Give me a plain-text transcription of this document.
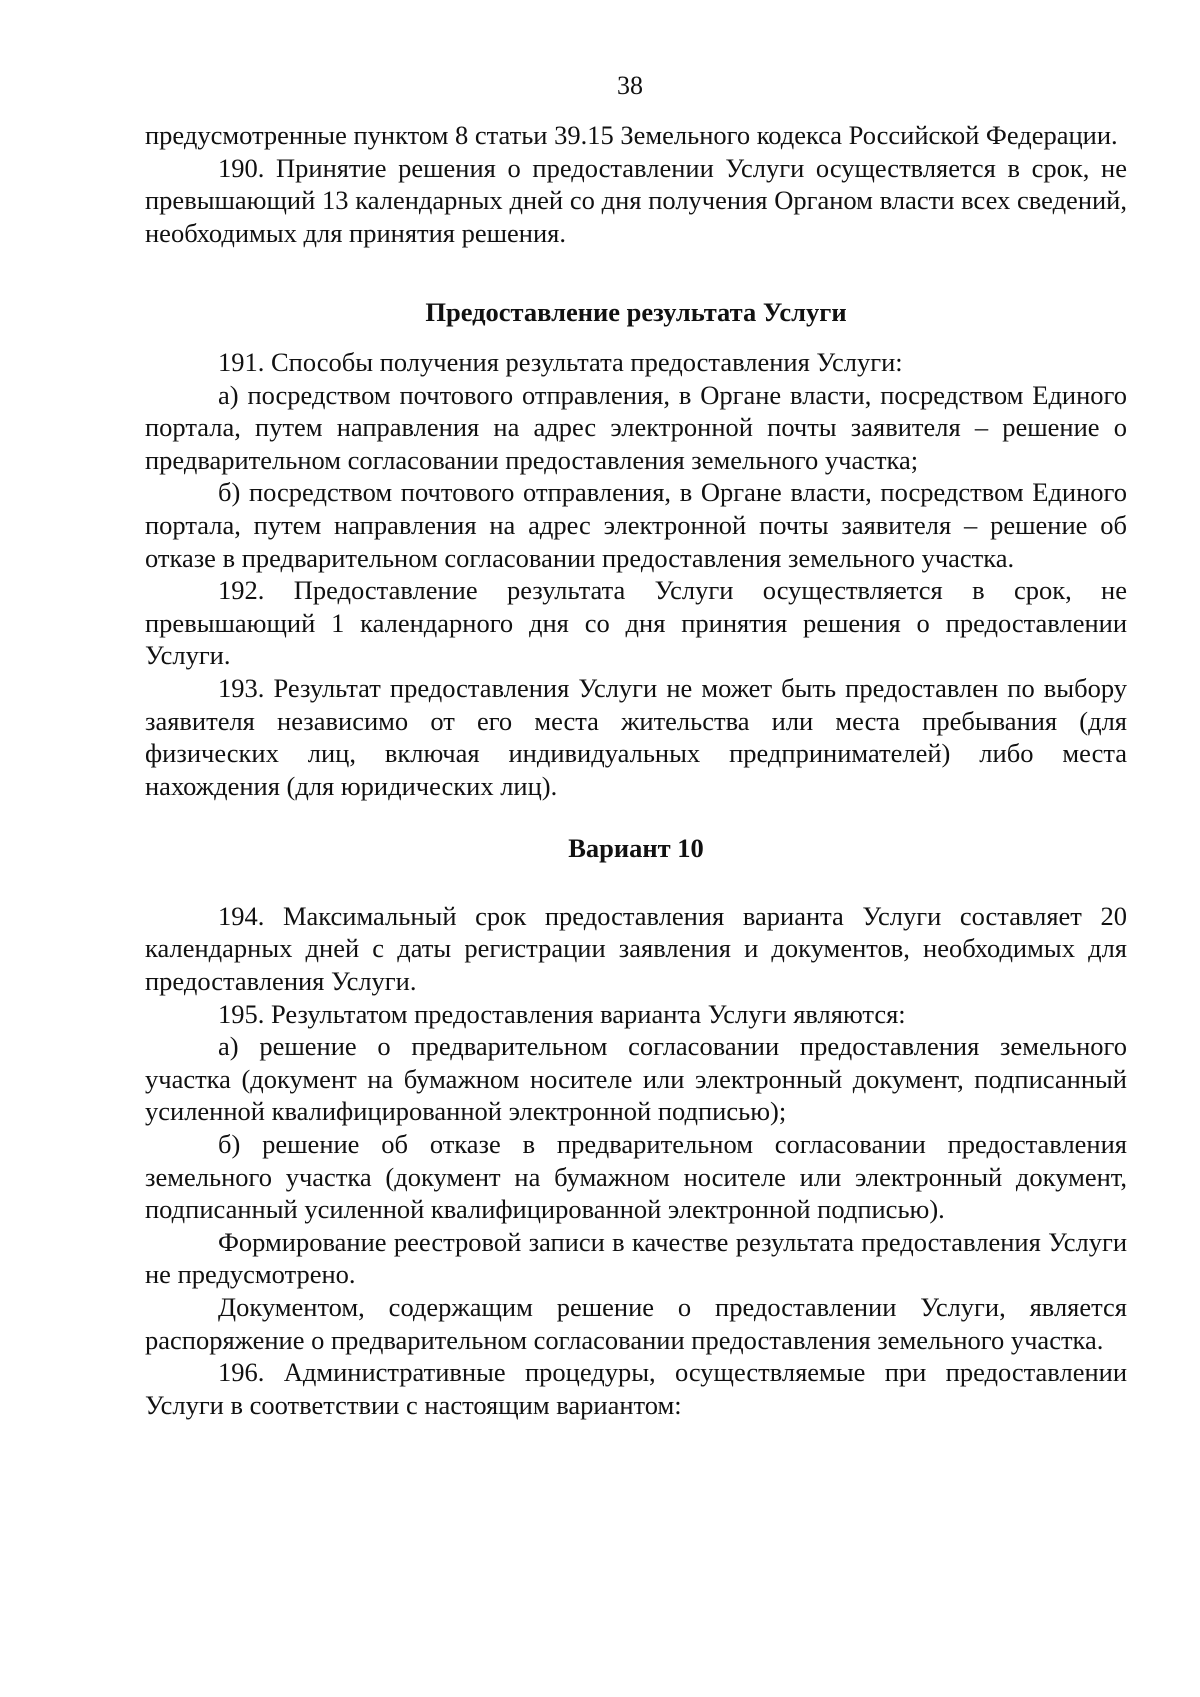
38

предусмотренные пунктом 8 статьи 39.15 Земельного кодекса Российской Федерации.

190. Принятие решения о предоставлении Услуги осуществляется в срок, не превышающий 13 календарных дней со дня получения Органом власти всех сведений, необходимых для принятия решения.

Предоставление результата Услуги

191. Способы получения результата предоставления Услуги:

а) посредством почтового отправления, в Органе власти, посредством Единого портала, путем направления на адрес электронной почты заявителя – решение о предварительном согласовании предоставления земельного участка;

б) посредством почтового отправления, в Органе власти, посредством Единого портала, путем направления на адрес электронной почты заявителя – решение об отказе в предварительном согласовании предоставления земельного участка.

192. Предоставление результата Услуги осуществляется в срок, не превышающий 1 календарного дня со дня принятия решения о предоставлении Услуги.

193. Результат предоставления Услуги не может быть предоставлен по выбору заявителя независимо от его места жительства или места пребывания (для физических лиц, включая индивидуальных предпринимателей) либо места нахождения (для юридических лиц).

Вариант 10

194. Максимальный срок предоставления варианта Услуги составляет 20 календарных дней с даты регистрации заявления и документов, необходимых для предоставления Услуги.

195. Результатом предоставления варианта Услуги являются:

а) решение о предварительном согласовании предоставления земельного участка (документ на бумажном носителе или электронный документ, подписанный усиленной квалифицированной электронной подписью);

б) решение об отказе в предварительном согласовании предоставления земельного участка (документ на бумажном носителе или электронный документ, подписанный усиленной квалифицированной электронной подписью).

Формирование реестровой записи в качестве результата предоставления Услуги не предусмотрено.

Документом, содержащим решение о предоставлении Услуги, является распоряжение о предварительном согласовании предоставления земельного участка.

196. Административные процедуры, осуществляемые при предоставлении Услуги в соответствии с настоящим вариантом:
